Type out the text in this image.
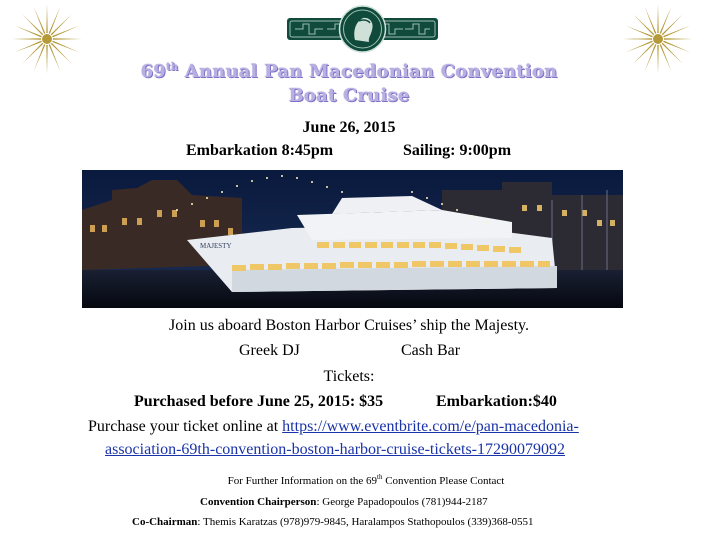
69th Annual Pan Macedonian Convention
Boat Cruise
June 26, 2015
Embarkation 8:45pm	Sailing: 9:00pm
MAJESTY
Join us aboard Boston Harbor Cruises’ ship the Majesty.
Greek DJ	Cash Bar
Tickets:
Purchased before June 25, 2015: $35	Embarkation:$40
Purchase your ticket online at https://www.eventbrite.com/e/pan-macedonia-
association-69th-convention-boston-harbor-cruise-tickets-17290079092
For Further Information on the 69th Convention Please Contact
Convention Chairperson: George Papadopoulos (781)944-2187
Co-Chairman: Themis Karatzas (978)979-9845, Haralampos Stathopoulos (339)368-0551
